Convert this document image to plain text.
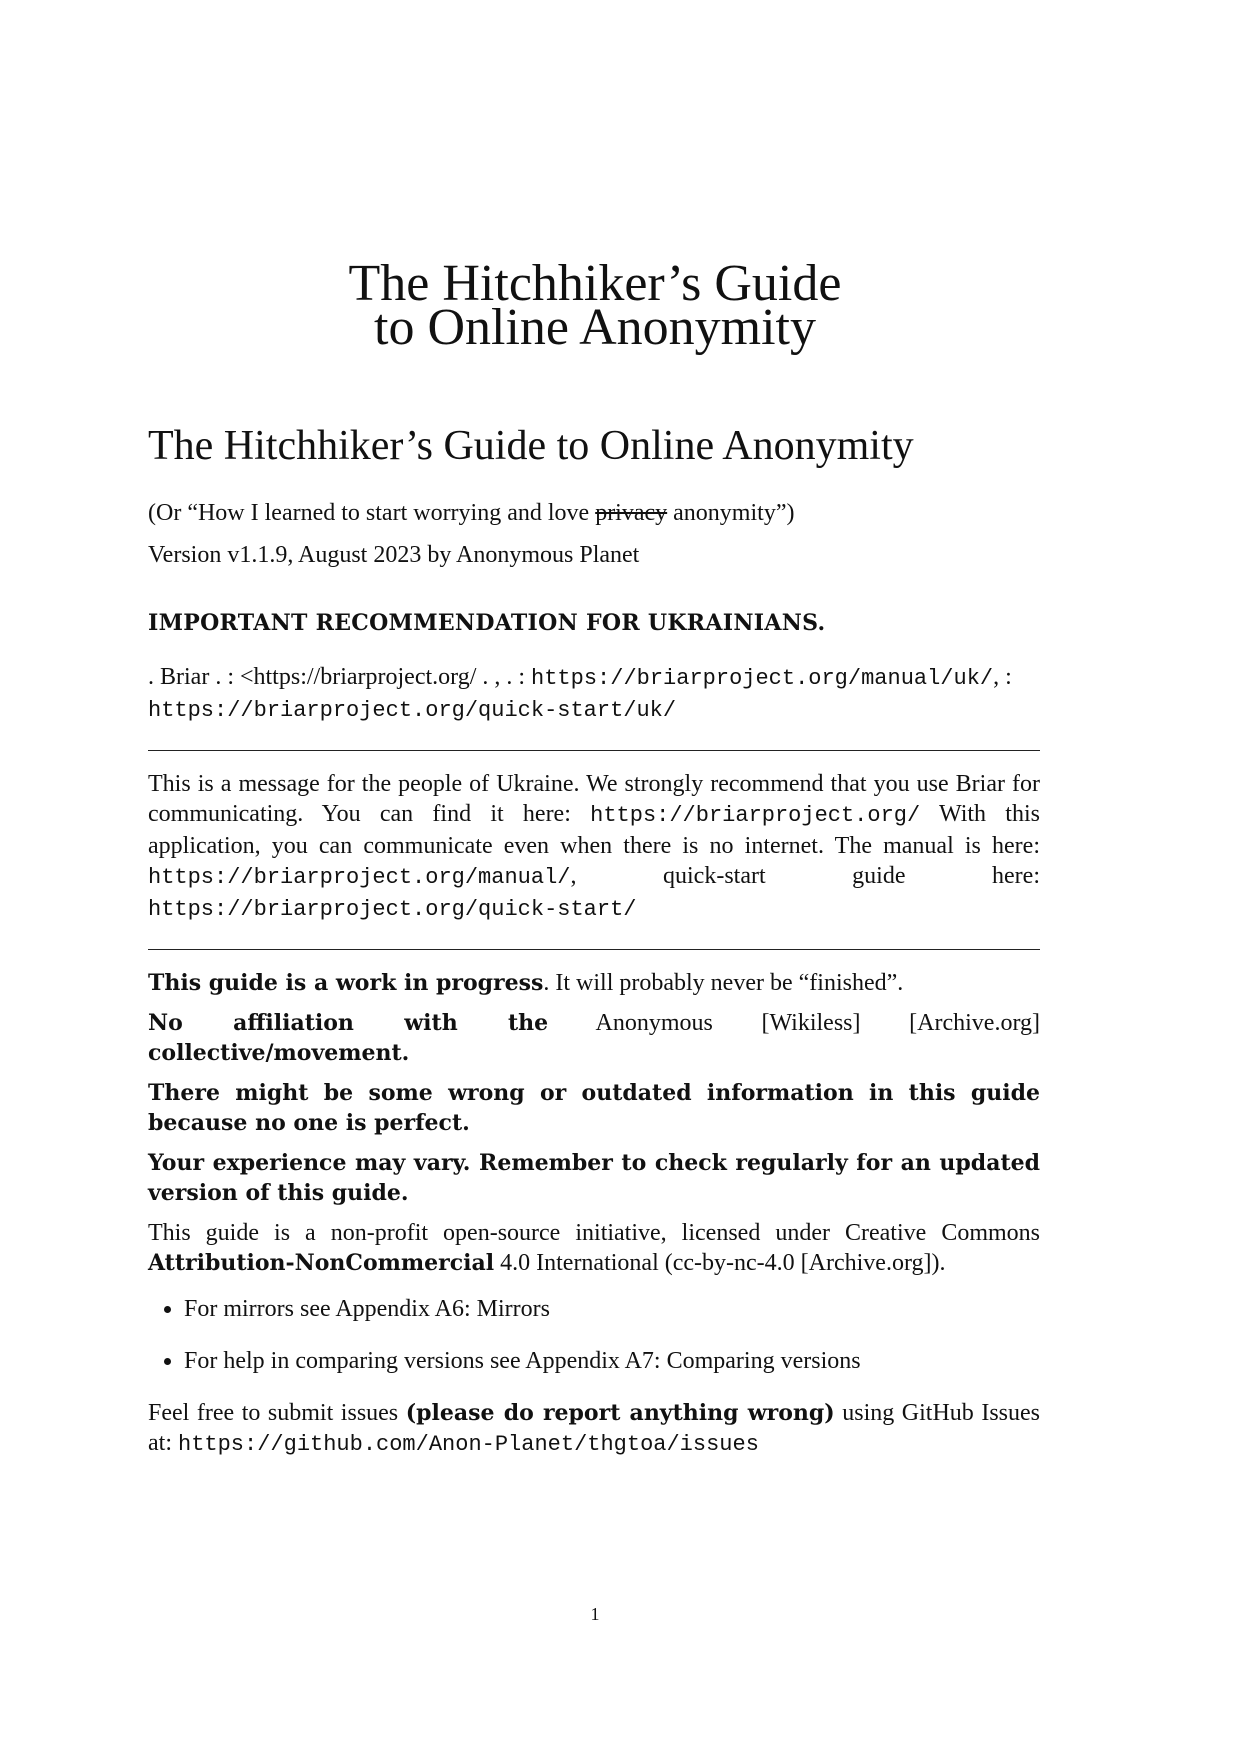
The Hitchhiker’s Guide
to Online Anonymity
The Hitchhiker’s Guide to Online Anonymity

(Or “How I learned to start worrying and love privacy anonymity”)

Version v1.1.9, August 2023 by Anonymous Planet

IMPORTANT RECOMMENDATION FOR UKRAINIANS.

. Briar . : <https://briarproject.org/ . , . : https://briarproject.org/manual/uk/, : https://briarproject.org/quick-start/uk/

This is a message for the people of Ukraine. We strongly recommend that you use Briar for communicating. You can find it here: https://briarproject.org/ With this application, you can communicate even when there is no internet. The manual is here: https://briarproject.org/manual/, quick-start guide here: https://briarproject.org/quick-start/

This guide is a work in progress. It will probably never be “finished”.

No affiliation with the Anonymous [Wikiless] [Archive.org] collective/movement.

There might be some wrong or outdated information in this guide because no one is perfect.

Your experience may vary. Remember to check regularly for an updated version of this guide.

This guide is a non-profit open-source initiative, licensed under Creative Commons Attribution-NonCommercial 4.0 International (cc-by-nc-4.0 [Archive.org]).

• For mirrors see Appendix A6: Mirrors
• For help in comparing versions see Appendix A7: Comparing versions

Feel free to submit issues (please do report anything wrong) using GitHub Issues at: https://github.com/Anon-Planet/thgtoa/issues

1
